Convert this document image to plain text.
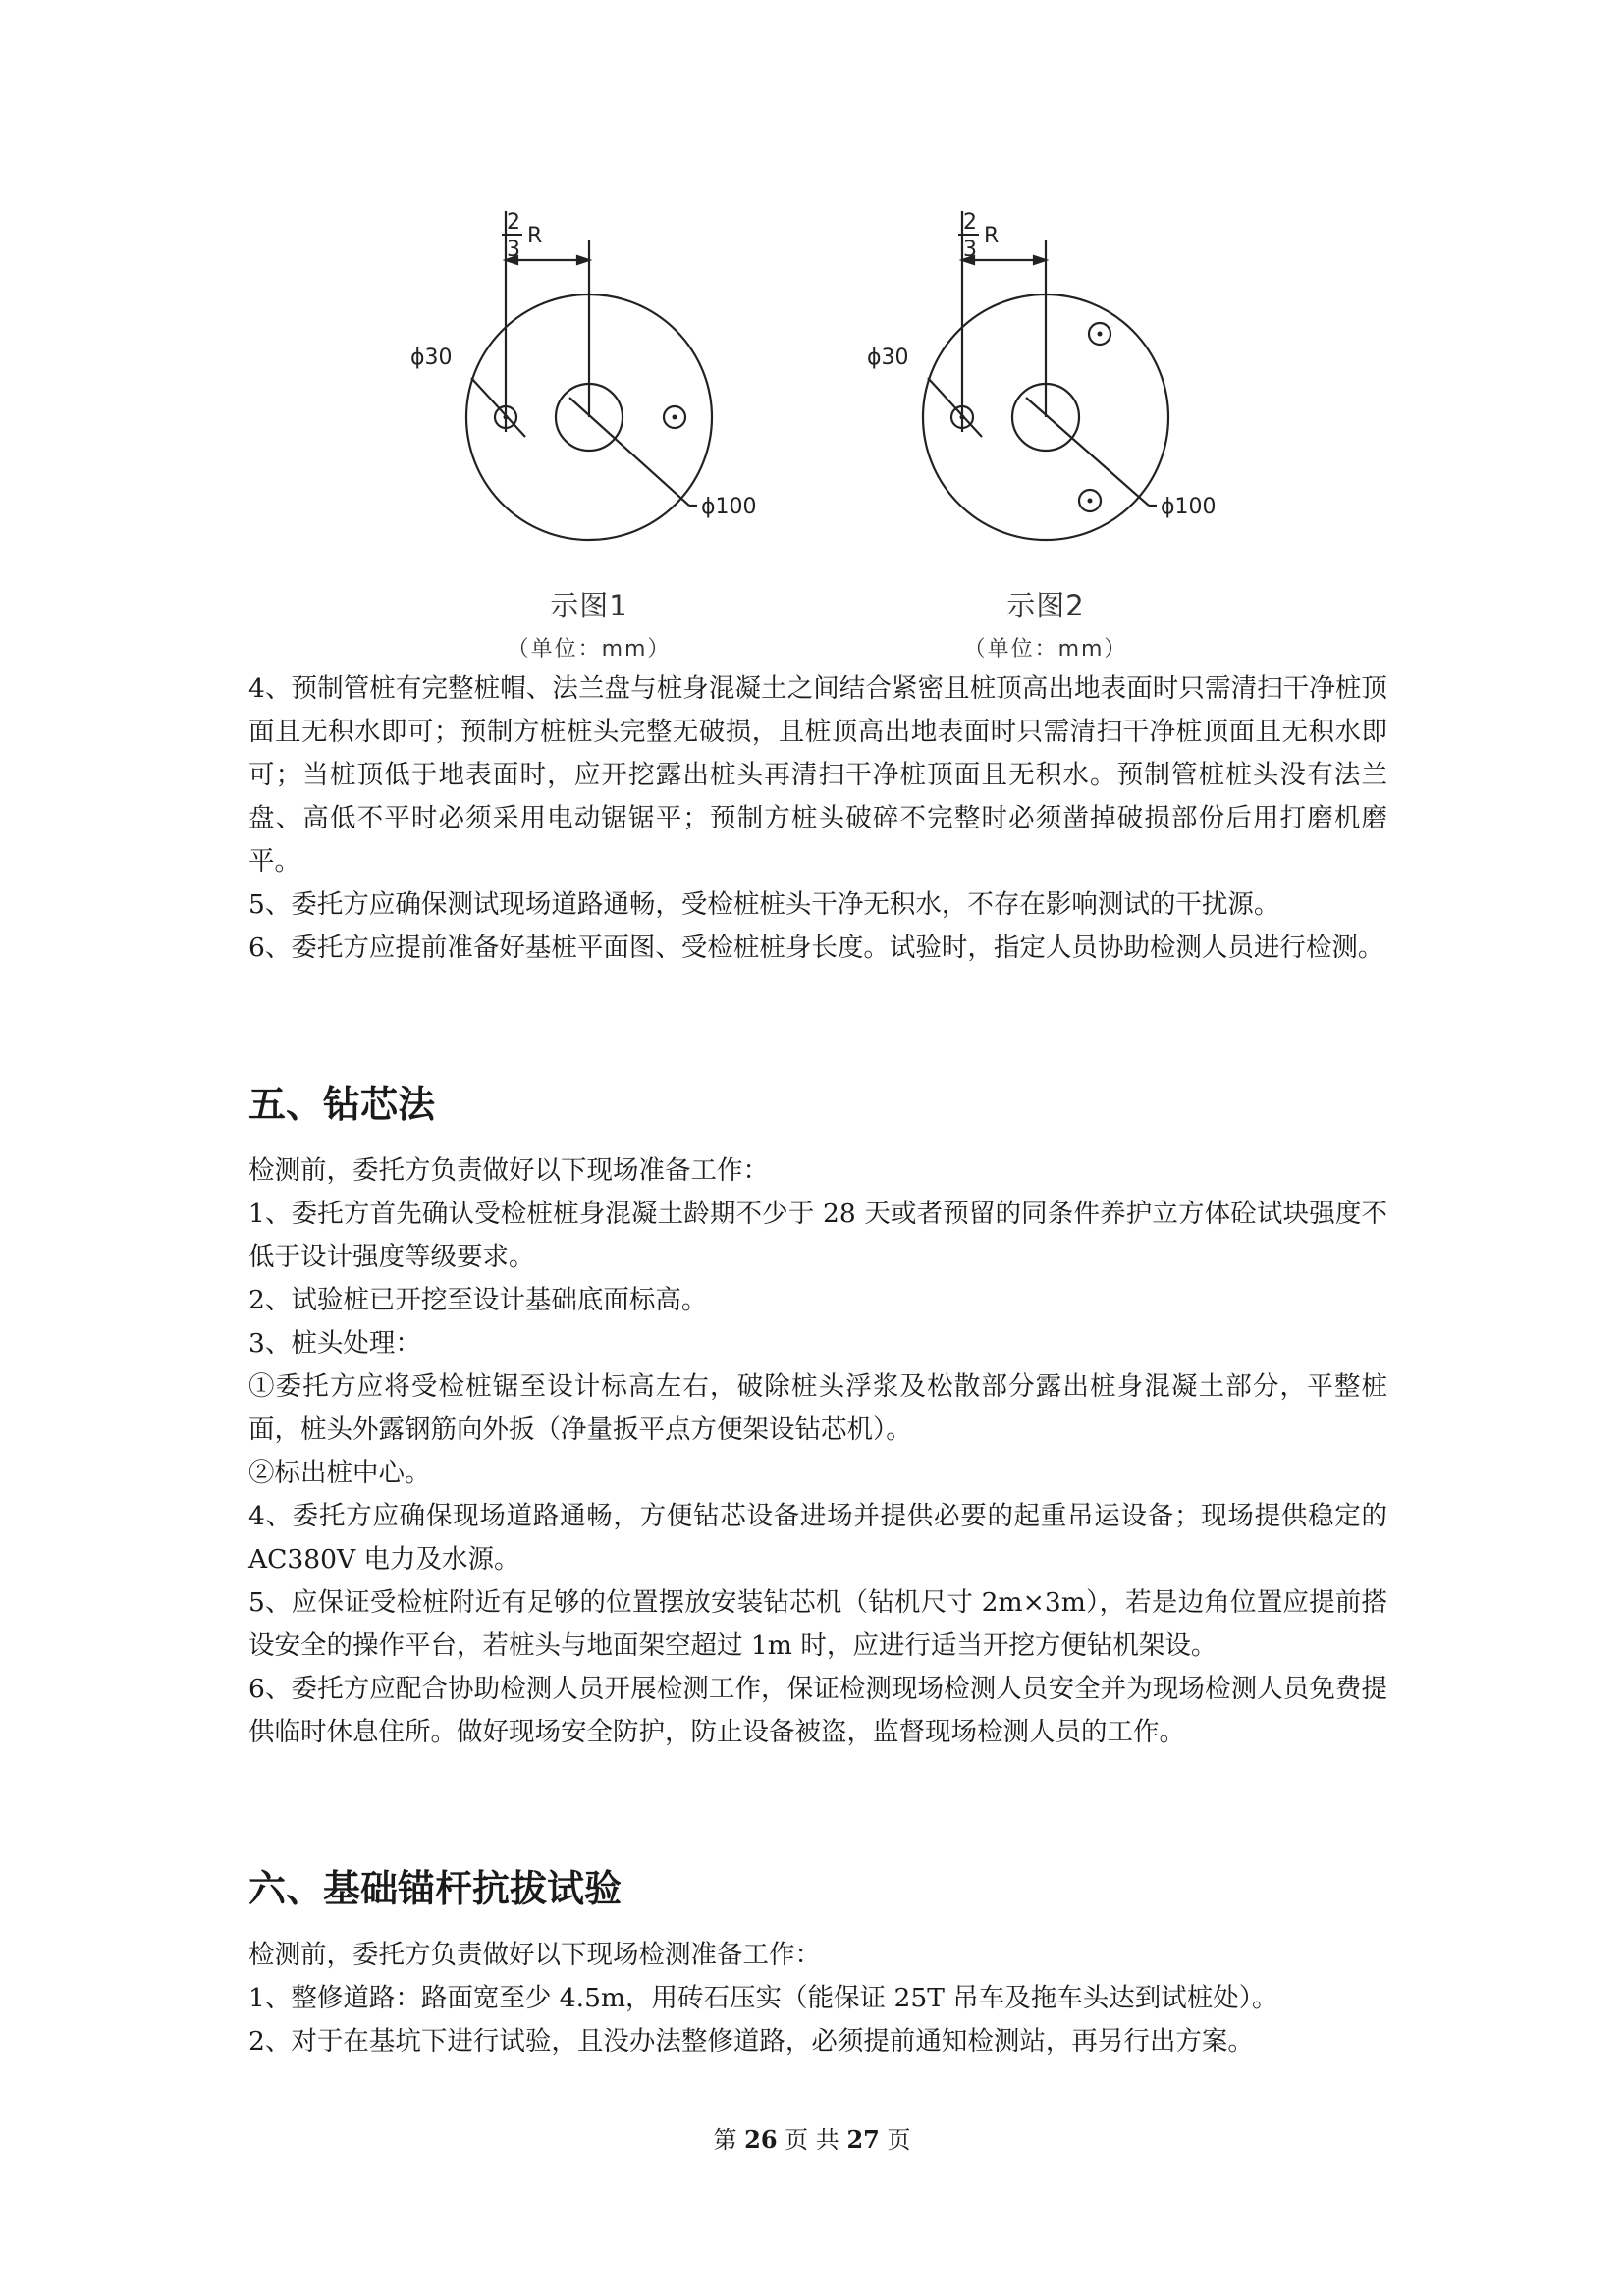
2
3
R
ϕ30
ϕ100
2
3
R
ϕ30
ϕ100
示图1
（单位：mm）
示图2
（单位：mm）

4、预制管桩有完整桩帽、法兰盘与桩身混凝土之间结合紧密且桩顶高出地表面时只需清扫干净桩顶面且无积水即可；预制方桩桩头完整无破损，且桩顶高出地表面时只需清扫干净桩顶面且无积水即可；当桩顶低于地表面时，应开挖露出桩头再清扫干净桩顶面且无积水。预制管桩桩头没有法兰盘、高低不平时必须采用电动锯锯平；预制方桩头破碎不完整时必须凿掉破损部份后用打磨机磨平。

5、委托方应确保测试现场道路通畅，受检桩桩头干净无积水，不存在影响测试的干扰源。

6、委托方应提前准备好基桩平面图、受检桩桩身长度。试验时，指定人员协助检测人员进行检测。

五、钻芯法

检测前，委托方负责做好以下现场准备工作：

1、委托方首先确认受检桩桩身混凝土龄期不少于 28 天或者预留的同条件养护立方体砼试块强度不低于设计强度等级要求。

2、试验桩已开挖至设计基础底面标高。

3、桩头处理：

①委托方应将受检桩锯至设计标高左右，破除桩头浮浆及松散部分露出桩身混凝土部分，平整桩面，桩头外露钢筋向外扳（净量扳平点方便架设钻芯机）。

②标出桩中心。

4、委托方应确保现场道路通畅，方便钻芯设备进场并提供必要的起重吊运设备；现场提供稳定的 AC380V 电力及水源。

5、应保证受检桩附近有足够的位置摆放安装钻芯机（钻机尺寸 2m×3m），若是边角位置应提前搭设安全的操作平台，若桩头与地面架空超过 1m 时，应进行适当开挖方便钻机架设。

6、委托方应配合协助检测人员开展检测工作，保证检测现场检测人员安全并为现场检测人员免费提供临时休息住所。做好现场安全防护，防止设备被盗，监督现场检测人员的工作。

六、基础锚杆抗拔试验

检测前，委托方负责做好以下现场检测准备工作：

1、整修道路：路面宽至少 4.5m，用砖石压实（能保证 25T 吊车及拖车头达到试桩处）。

2、对于在基坑下进行试验，且没办法整修道路，必须提前通知检测站，再另行出方案。

第 26 页 共 27 页
